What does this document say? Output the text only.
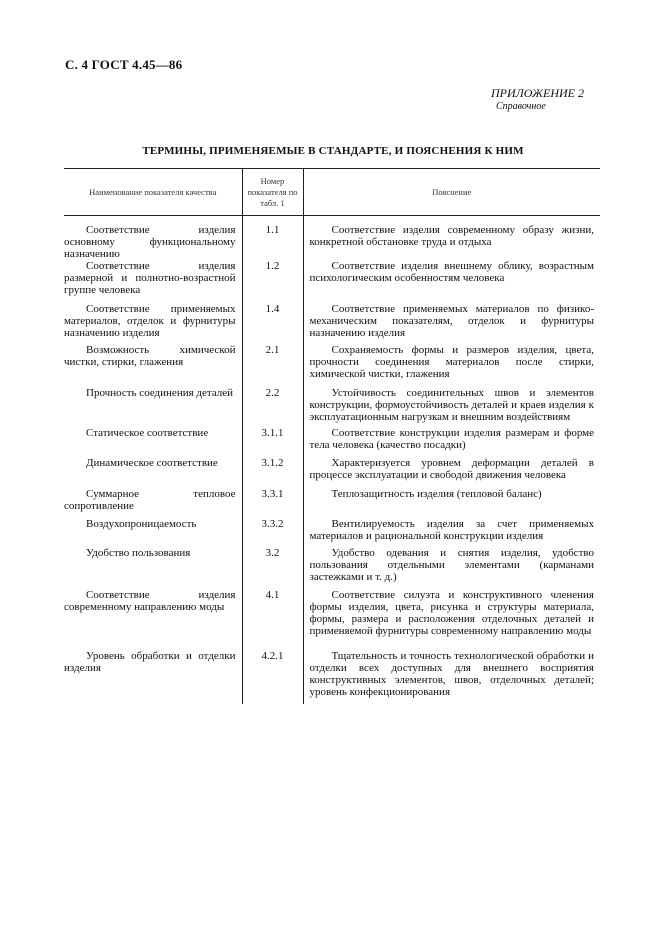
С. 4 ГОСТ 4.45—86
ПРИЛОЖЕНИЕ 2
Справочное
ТЕРМИНЫ, ПРИМЕНЯЕМЫЕ В СТАНДАРТЕ, И ПОЯСНЕНИЯ К НИМ
Наименование показателя качества	Номер показателя по табл. 1	Пояснение
Соответствие изделия основному функциональному назначению	1.1	Соответствие изделия современному образу жизни, конкретной обстановке труда и отдыха
Соответствие изделия размерной и полнотно-возрастной группе человека	1.2	Соответствие изделия внешнему облику, возрастным психологическим особенностям человека
Соответствие применяемых материалов, отделок и фурнитуры назначению изделия	1.4	Соответствие применяемых материалов по физико-механическим показателям, отделок и фурнитуры назначению изделия
Возможность химической чистки, стирки, глажения	2.1	Сохраняемость формы и размеров изделия, цвета, прочности соединения материалов после стирки, химической чистки, глажения
Прочность соединения деталей	2.2	Устойчивость соединительных швов и элементов конструкции, формоустойчивость деталей и краев изделия к эксплуатационным нагрузкам и внешним воздействиям
Статическое соответствие	3.1.1	Соответствие конструкции изделия размерам и форме тела человека (качество посадки)
Динамическое соответствие	3.1.2	Характеризуется уровнем деформации деталей в процессе эксплуатации и свободой движения человека
Суммарное тепловое сопротивление	3.3.1	Теплозащитность изделия (тепловой баланс)
Воздухопроницаемость	3.3.2	Вентилируемость изделия за счет применяемых материалов и рациональной конструкции изделия
Удобство пользования	3.2	Удобство одевания и снятия изделия, удобство пользования отдельными элементами (карманами застежками и т. д.)
Соответствие изделия современному направлению моды	4.1	Соответствие силуэта и конструктивного членения формы изделия, цвета, рисунка и структуры материала, формы, размера и расположения отделочных деталей и применяемой фурнитуры современному направлению моды
Уровень обработки и отделки изделия	4.2.1	Тщательность и точность технологической обработки и отделки всех доступных для внешнего восприятия конструктивных элементов, швов, отделочных деталей; уровень конфекционирования
